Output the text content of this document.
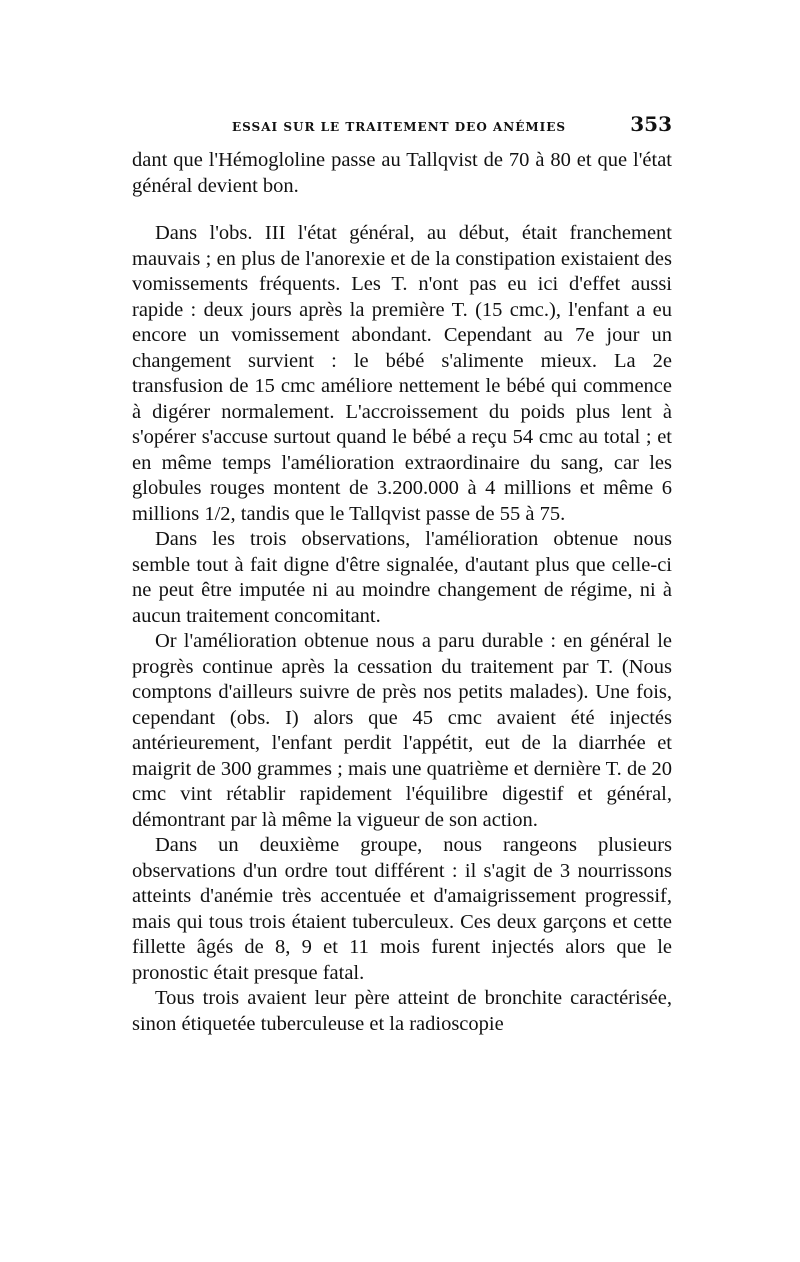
ESSAI SUR LE TRAITEMENT DEO ANÉMIES	353

dant que l'Hémogloline passe au Tallqvist de 70 à 80 et que l'état général devient bon.

Dans l'obs. III l'état général, au début, était franchement mauvais ; en plus de l'anorexie et de la constipation existaient des vomissements fréquents. Les T. n'ont pas eu ici d'effet aussi rapide : deux jours après la première T. (15 cmc.), l'enfant a eu encore un vomissement abondant. Cependant au 7e jour un changement survient : le bébé s'alimente mieux. La 2e transfusion de 15 cmc améliore nettement le bébé qui commence à digérer normalement. L'accroissement du poids plus lent à s'opérer s'accuse surtout quand le bébé a reçu 54 cmc au total ; et en même temps l'amélioration extraordinaire du sang, car les globules rouges montent de 3.200.000 à 4 millions et même 6 millions 1/2, tandis que le Tallqvist passe de 55 à 75.

Dans les trois observations, l'amélioration obtenue nous semble tout à fait digne d'être signalée, d'autant plus que celle-ci ne peut être imputée ni au moindre changement de régime, ni à aucun traitement concomitant.

Or l'amélioration obtenue nous a paru durable : en général le progrès continue après la cessation du traitement par T. (Nous comptons d'ailleurs suivre de près nos petits malades). Une fois, cependant (obs. I) alors que 45 cmc avaient été injectés antérieurement, l'enfant perdit l'appétit, eut de la diarrhée et maigrit de 300 grammes ; mais une quatrième et dernière T. de 20 cmc vint rétablir rapidement l'équilibre digestif et général, démontrant par là même la vigueur de son action.

Dans un deuxième groupe, nous rangeons plusieurs observations d'un ordre tout différent : il s'agit de 3 nourrissons atteints d'anémie très accentuée et d'amaigrissement progressif, mais qui tous trois étaient tuberculeux. Ces deux garçons et cette fillette âgés de 8, 9 et 11 mois furent injectés alors que le pronostic était presque fatal.

Tous trois avaient leur père atteint de bronchite caractérisée, sinon étiquetée tuberculeuse et la radioscopie
